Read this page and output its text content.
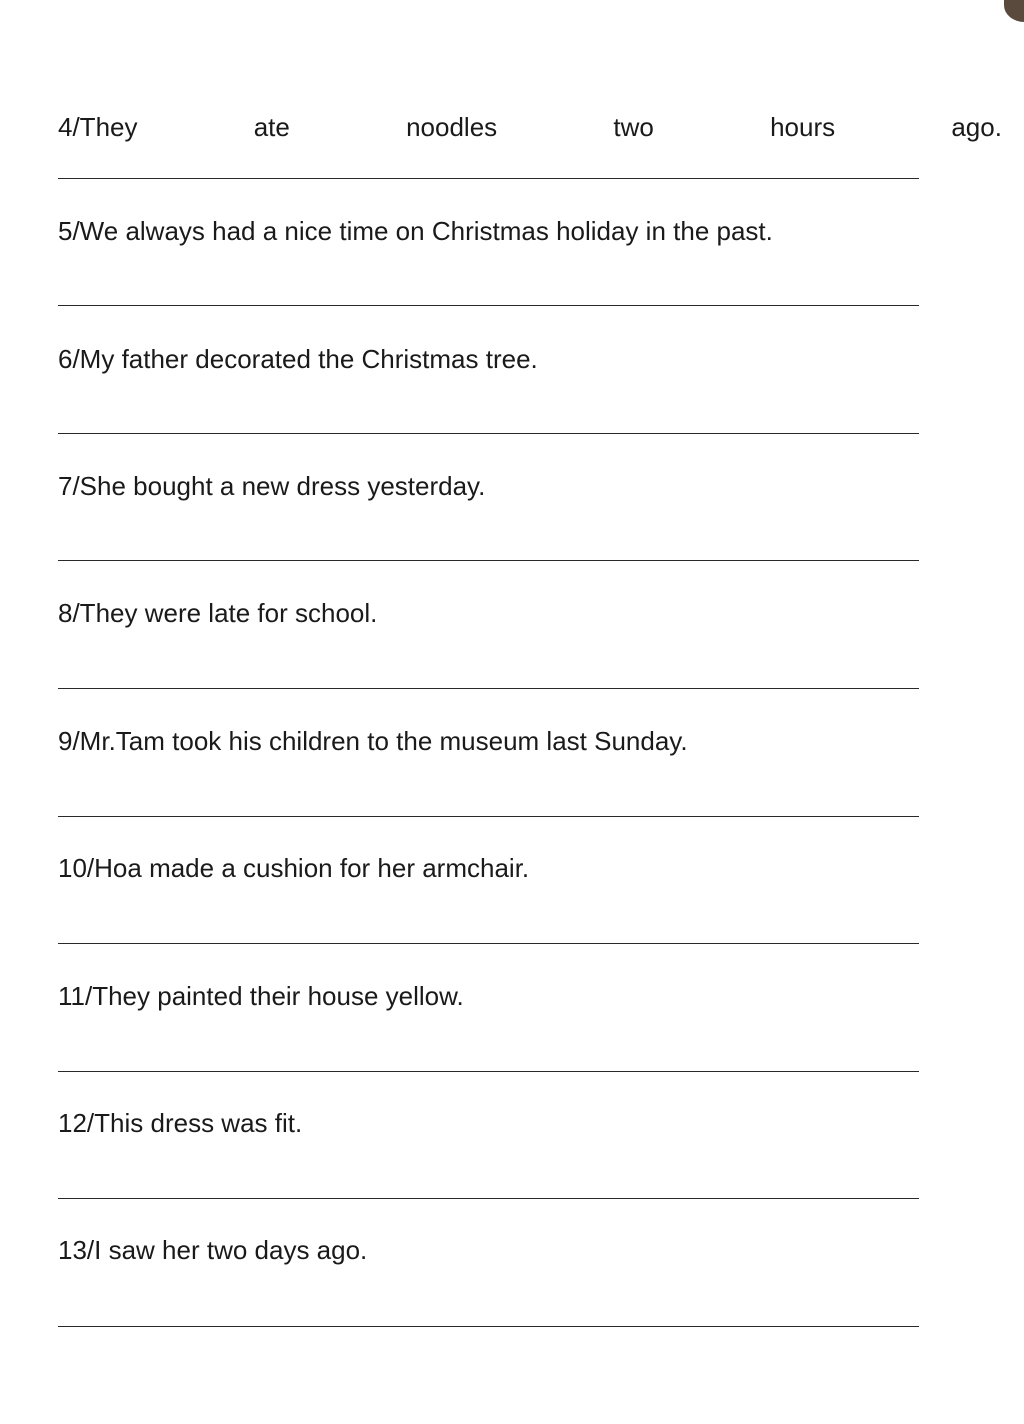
4/They	ate	noodles	two	hours	ago.

5/We always had a nice time on Christmas holiday in the past.

6/My father decorated the Christmas tree.

7/She bought a new dress yesterday.

8/They were late for school.

9/Mr.Tam took his children to the museum last Sunday.

10/Hoa made a cushion for her armchair.

11/They painted their house yellow.

12/This dress was fit.

13/I saw her two days ago.
